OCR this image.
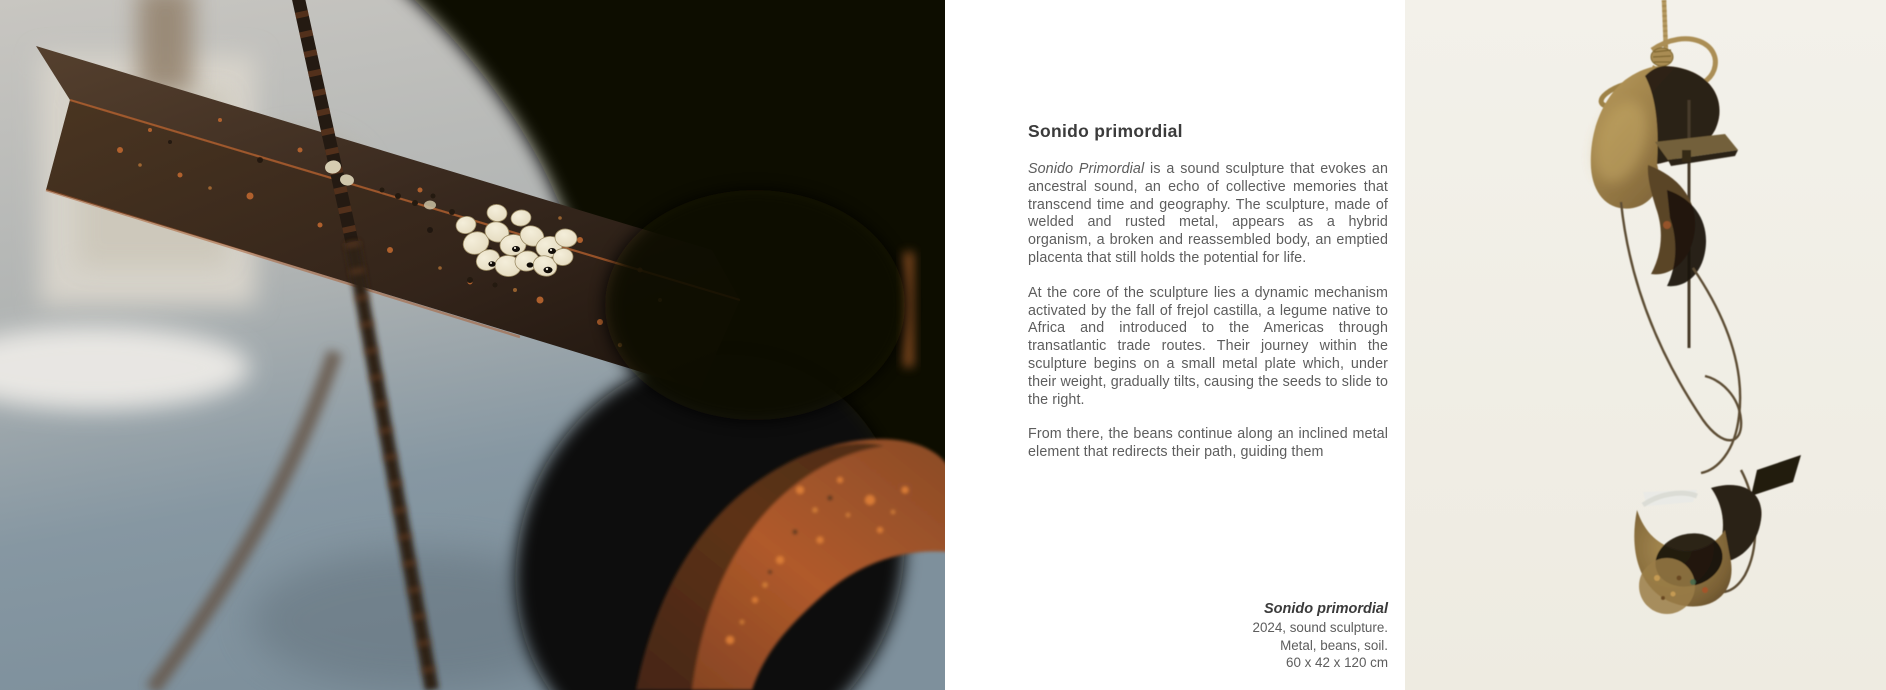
Sonido primordial

Sonido Primordial is a sound sculpture that evokes an ancestral sound, an echo of collective memories that transcend time and geography. The sculpture, made of welded and rusted metal, appears as a hybrid organism, a broken and reassembled body, an emptied placenta that still holds the potential for life.

At the core of the sculpture lies a dynamic mechanism activated by the fall of frejol castilla, a legume native to Africa and introduced to the Americas through transatlantic trade routes. Their journey within the sculpture begins on a small metal plate which, under their weight, gradually tilts, causing the seeds to slide to the right.

From there, the beans continue along an inclined metal element that redirects their path, guiding them

Sonido primordial

2024, sound sculpture.

Metal, beans, soil.

60 x 42 x 120 cm
